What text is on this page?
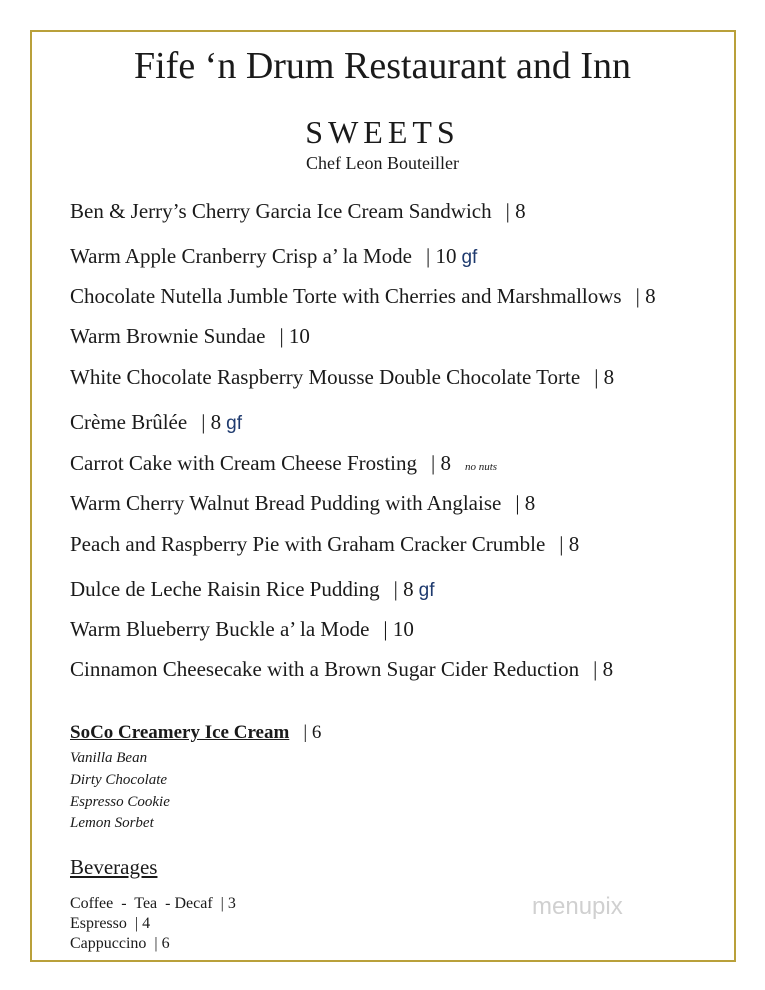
Fife ‘n Drum Restaurant and Inn
SWEETS
Chef Leon Bouteiller
Ben & Jerry’s Cherry Garcia Ice Cream Sandwich | 8
Warm Apple Cranberry Crisp a’ la Mode | 10 gf
Chocolate Nutella Jumble Torte with Cherries and Marshmallows | 8
Warm Brownie Sundae | 10
White Chocolate Raspberry Mousse Double Chocolate Torte | 8
Crème Brûlée | 8 gf
Carrot Cake with Cream Cheese Frosting | 8 no nuts
Warm Cherry Walnut Bread Pudding with Anglaise | 8
Peach and Raspberry Pie with Graham Cracker Crumble | 8
Dulce de Leche Raisin Rice Pudding | 8 gf
Warm Blueberry Buckle a’ la Mode | 10
Cinnamon Cheesecake with a Brown Sugar Cider Reduction | 8
SoCo Creamery Ice Cream | 6
Vanilla Bean
Dirty Chocolate
Espresso Cookie
Lemon Sorbet
Beverages
Coffee  -  Tea  - Decaf  | 3
Espresso  | 4
Cappuccino  | 6
menupix
